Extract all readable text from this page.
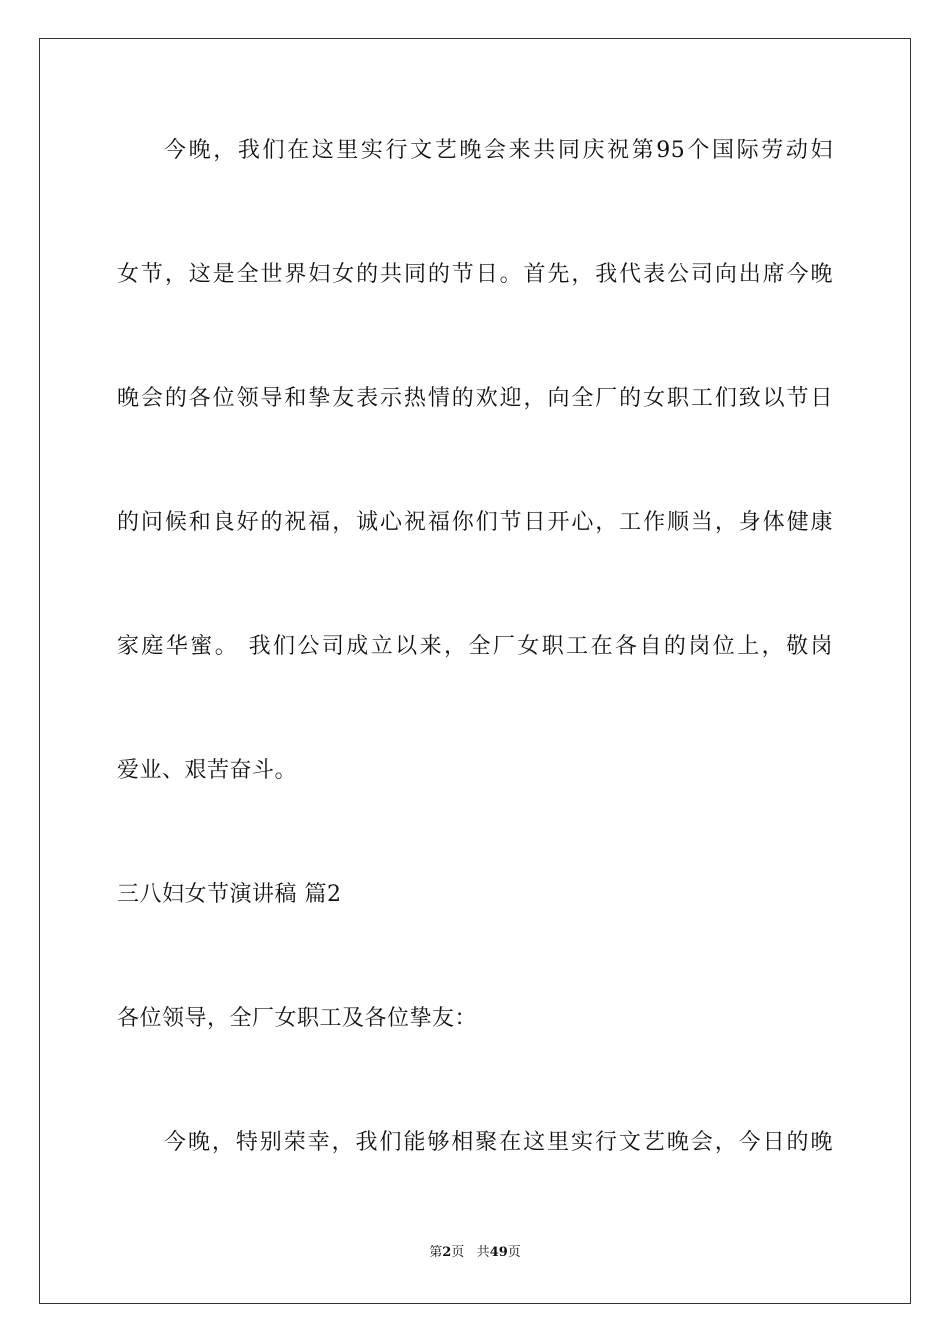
今晚，我们在这里实行文艺晚会来共同庆祝第95个国际劳动妇
女节，这是全世界妇女的共同的节日。首先，我代表公司向出席今晚
晚会的各位领导和挚友表示热情的欢迎，向全厂的女职工们致以节日
的问候和良好的祝福，诚心祝福你们节日开心，工作顺当，身体健康
家庭华蜜。 我们公司成立以来，全厂女职工在各自的岗位上，敬岗
爱业、艰苦奋斗。
三八妇女节演讲稿 篇2
各位领导，全厂女职工及各位挚友：
今晚，特别荣幸，我们能够相聚在这里实行文艺晚会，今日的晚
第2页 共49页
